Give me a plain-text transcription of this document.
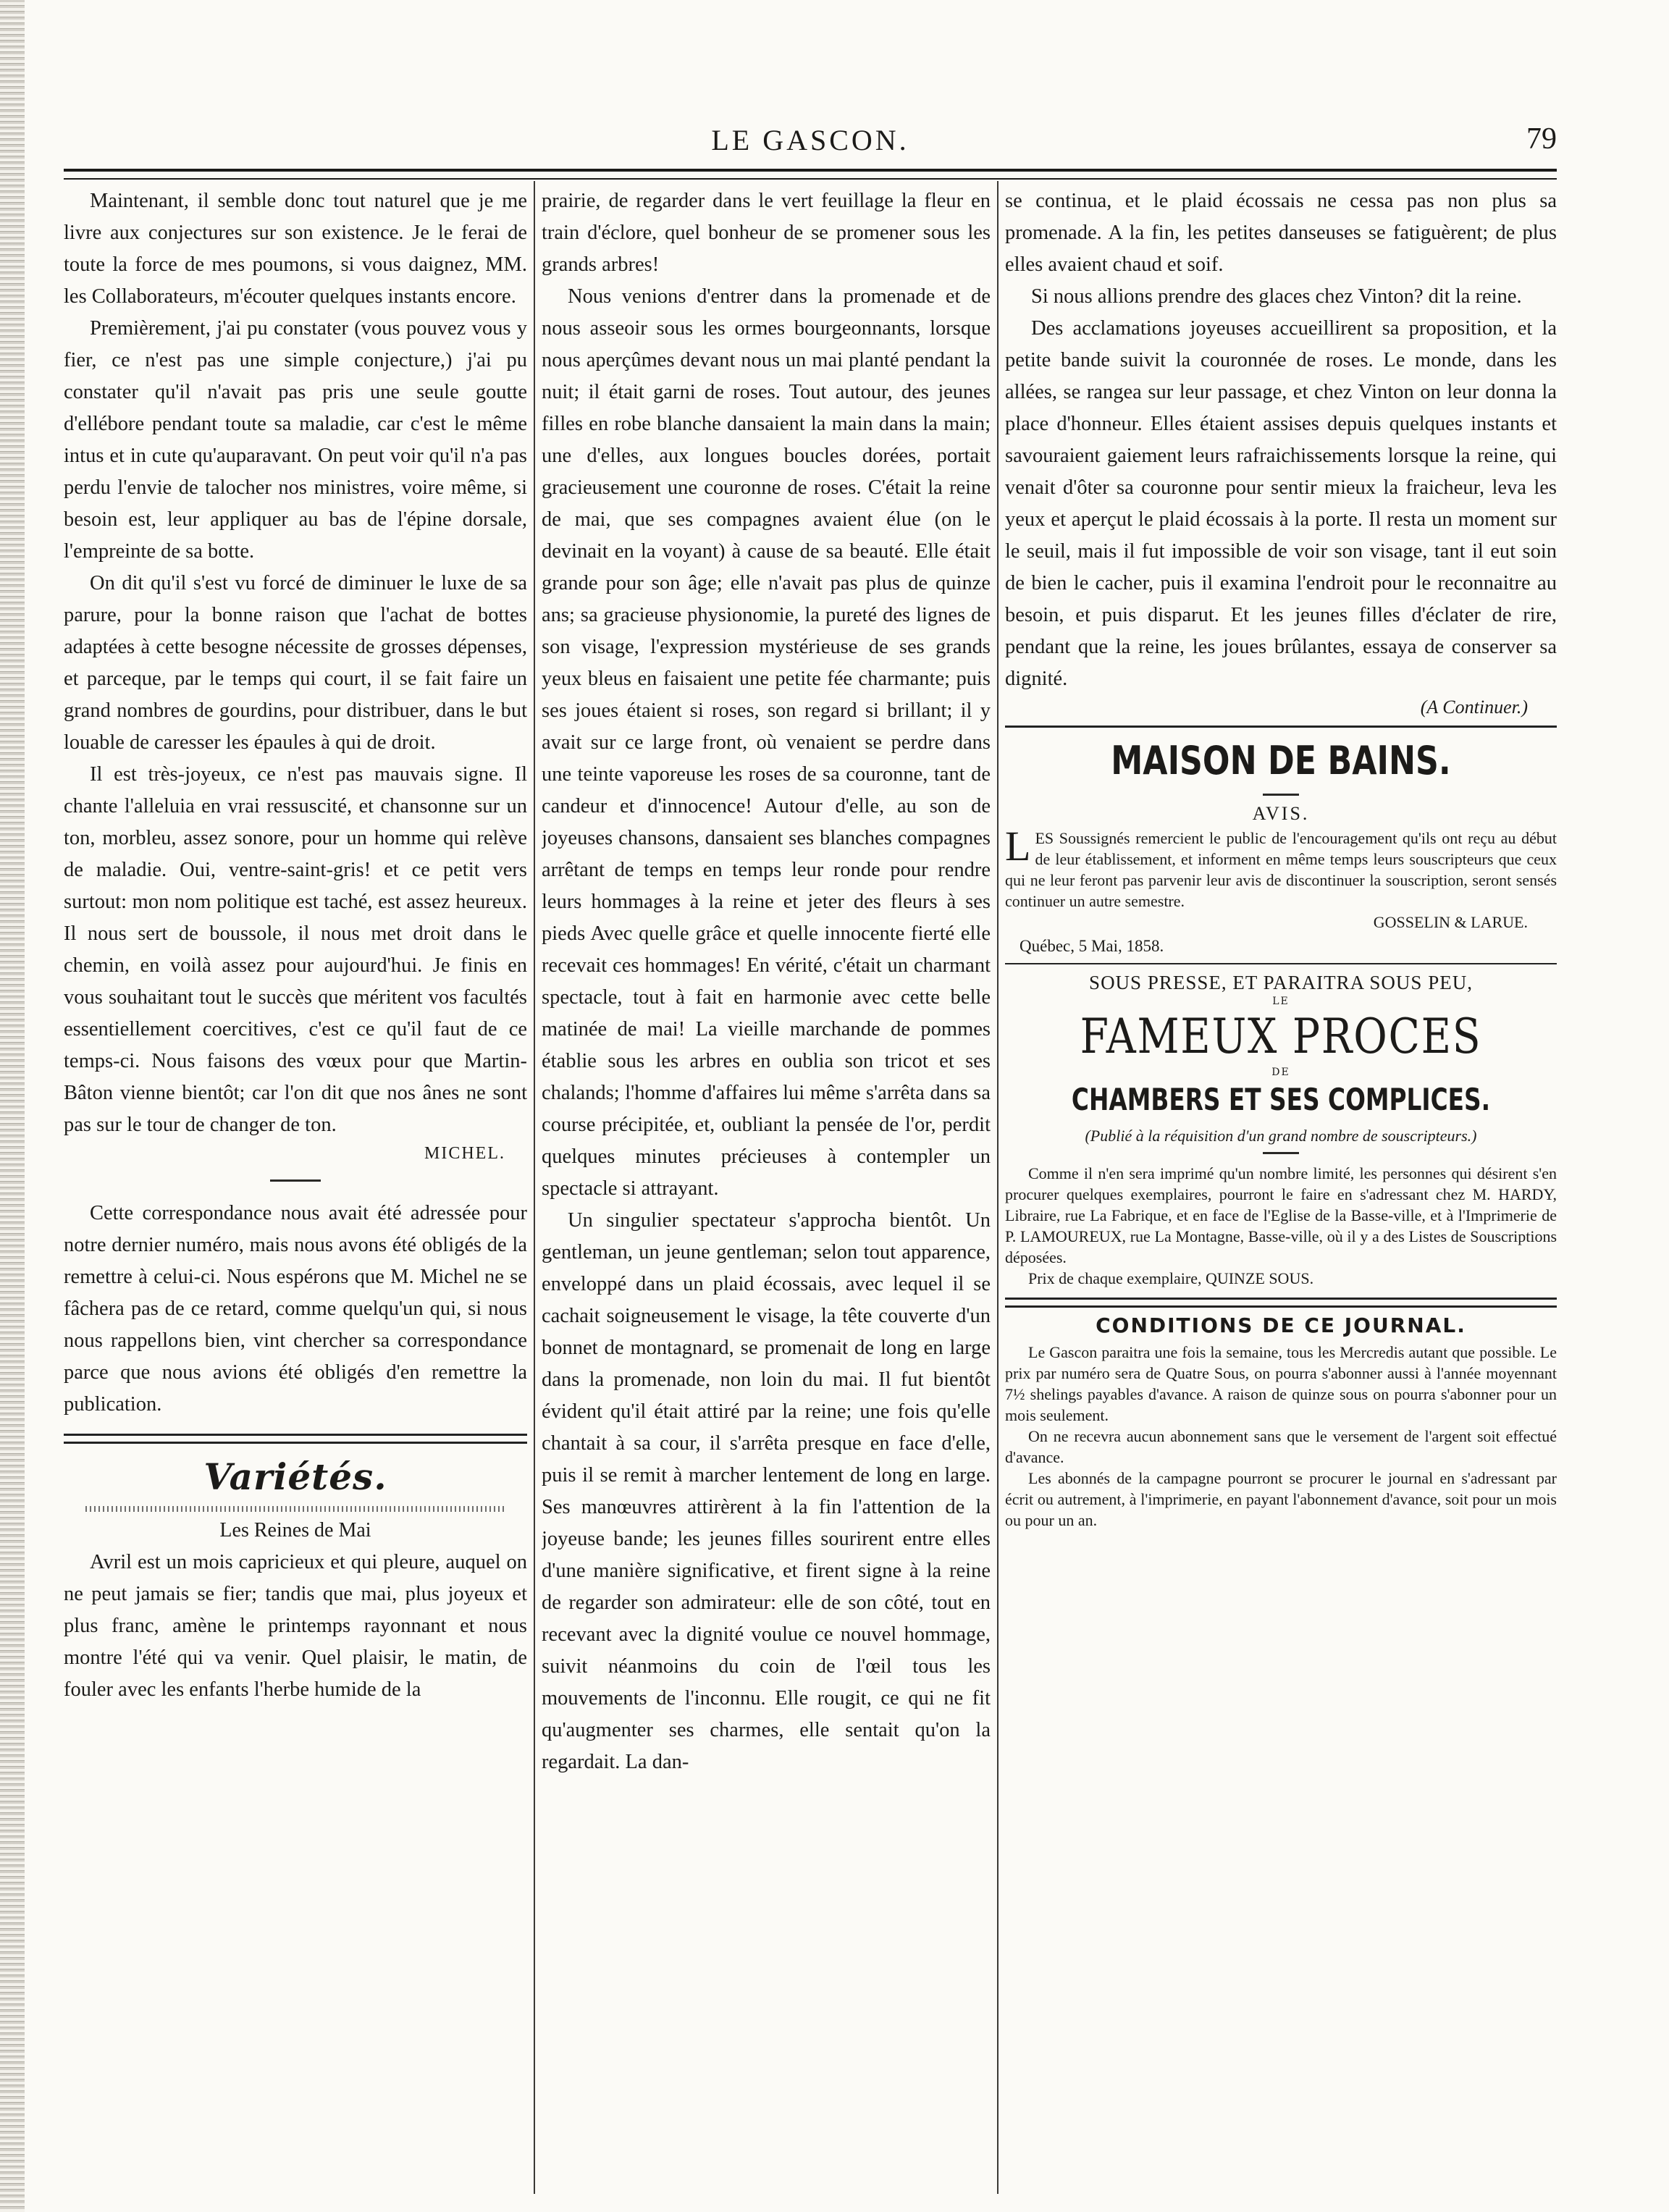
LE GASCON.	79

Maintenant, il semble donc tout naturel que je me livre aux conjectures sur son existence. Je le ferai de toute la force de mes poumons, si vous daignez, MM. les Collaborateurs, m'écouter quelques instants encore.

Premièrement, j'ai pu constater (vous pouvez vous y fier, ce n'est pas une simple conjecture,) j'ai pu constater qu'il n'avait pas pris une seule goutte d'ellébore pendant toute sa maladie, car c'est le même intus et in cute qu'auparavant. On peut voir qu'il n'a pas perdu l'envie de talocher nos ministres, voire même, si besoin est, leur appliquer au bas de l'épine dorsale, l'empreinte de sa botte.

On dit qu'il s'est vu forcé de diminuer le luxe de sa parure, pour la bonne raison que l'achat de bottes adaptées à cette besogne nécessite de grosses dépenses, et parceque, par le temps qui court, il se fait faire un grand nombres de gourdins, pour distribuer, dans le but louable de caresser les épaules à qui de droit.

Il est très-joyeux, ce n'est pas mauvais signe. Il chante l'alleluia en vrai ressuscité, et chansonne sur un ton, morbleu, assez sonore, pour un homme qui relève de maladie. Oui, ventre-saint-gris! et ce petit vers surtout: mon nom politique est taché, est assez heureux. Il nous sert de boussole, il nous met droit dans le chemin, en voilà assez pour aujourd'hui. Je finis en vous souhaitant tout le succès que méritent vos facultés essentiellement coercitives, c'est ce qu'il faut de ce temps-ci. Nous faisons des vœux pour que Martin-Bâton vienne bientôt; car l'on dit que nos ânes ne sont pas sur le tour de changer de ton.

MICHEL.

Cette correspondance nous avait été adressée pour notre dernier numéro, mais nous avons été obligés de la remettre à celui-ci. Nous espérons que M. Michel ne se fâchera pas de ce retard, comme quelqu'un qui, si nous nous rappellons bien, vint chercher sa correspondance parce que nous avions été obligés d'en remettre la publication.

Variétés.
Les Reines de Mai

Avril est un mois capricieux et qui pleure, auquel on ne peut jamais se fier; tandis que mai, plus joyeux et plus franc, amène le printemps rayonnant et nous montre l'été qui va venir. Quel plaisir, le matin, de fouler avec les enfants l'herbe humide de la

prairie, de regarder dans le vert feuillage la fleur en train d'éclore, quel bonheur de se promener sous les grands arbres!

Nous venions d'entrer dans la promenade et de nous asseoir sous les ormes bourgeonnants, lorsque nous aperçûmes devant nous un mai planté pendant la nuit; il était garni de roses. Tout autour, des jeunes filles en robe blanche dansaient la main dans la main; une d'elles, aux longues boucles dorées, portait gracieusement une couronne de roses. C'était la reine de mai, que ses compagnes avaient élue (on le devinait en la voyant) à cause de sa beauté. Elle était grande pour son âge; elle n'avait pas plus de quinze ans; sa gracieuse physionomie, la pureté des lignes de son visage, l'expression mystérieuse de ses grands yeux bleus en faisaient une petite fée charmante; puis ses joues étaient si roses, son regard si brillant; il y avait sur ce large front, où venaient se perdre dans une teinte vaporeuse les roses de sa couronne, tant de candeur et d'innocence! Autour d'elle, au son de joyeuses chansons, dansaient ses blanches compagnes arrêtant de temps en temps leur ronde pour rendre leurs hommages à la reine et jeter des fleurs à ses pieds Avec quelle grâce et quelle innocente fierté elle recevait ces hommages! En vérité, c'était un charmant spectacle, tout à fait en harmonie avec cette belle matinée de mai! La vieille marchande de pommes établie sous les arbres en oublia son tricot et ses chalands; l'homme d'affaires lui même s'arrêta dans sa course précipitée, et, oubliant la pensée de l'or, perdit quelques minutes précieuses à contempler un spectacle si attrayant.

Un singulier spectateur s'approcha bientôt. Un gentleman, un jeune gentleman; selon tout apparence, enveloppé dans un plaid écossais, avec lequel il se cachait soigneusement le visage, la tête couverte d'un bonnet de montagnard, se promenait de long en large dans la promenade, non loin du mai. Il fut bientôt évident qu'il était attiré par la reine; une fois qu'elle chantait à sa cour, il s'arrêta presque en face d'elle, puis il se remit à marcher lentement de long en large. Ses manœuvres attirèrent à la fin l'attention de la joyeuse bande; les jeunes filles sourirent entre elles d'une manière significative, et firent signe à la reine de regarder son admirateur: elle de son côté, tout en recevant avec la dignité voulue ce nouvel hommage, suivit néanmoins du coin de l'œil tous les mouvements de l'inconnu. Elle rougit, ce qui ne fit qu'augmenter ses charmes, elle sentait qu'on la regardait. La dan-

se continua, et le plaid écossais ne cessa pas non plus sa promenade. A la fin, les petites danseuses se fatiguèrent; de plus elles avaient chaud et soif.

Si nous allions prendre des glaces chez Vinton? dit la reine.

Des acclamations joyeuses accueillirent sa proposition, et la petite bande suivit la couronnée de roses. Le monde, dans les allées, se rangea sur leur passage, et chez Vinton on leur donna la place d'honneur. Elles étaient assises depuis quelques instants et savouraient gaiement leurs rafraichissements lorsque la reine, qui venait d'ôter sa couronne pour sentir mieux la fraicheur, leva les yeux et aperçut le plaid écossais à la porte. Il resta un moment sur le seuil, mais il fut impossible de voir son visage, tant il eut soin de bien le cacher, puis il examina l'endroit pour le reconnaitre au besoin, et puis disparut. Et les jeunes filles d'éclater de rire, pendant que la reine, les joues brûlantes, essaya de conserver sa dignité.

(A Continuer.)
MAISON DE BAINS.
AVIS.

LES Soussignés remercient le public de l'encouragement qu'ils ont reçu au début de leur établissement, et informent en même temps leurs souscripteurs que ceux qui ne leur feront pas parvenir leur avis de discontinuer la souscription, seront sensés continuer un autre semestre.

GOSSELIN & LARUE.

Québec, 5 Mai, 1858.
SOUS PRESSE, ET PARAITRA SOUS PEU,
LE
FAMEUX PROCES
DE
CHAMBERS ET SES COMPLICES.
(Publié à la réquisition d'un grand nombre de souscripteurs.)

Comme il n'en sera imprimé qu'un nombre limité, les personnes qui désirent s'en procurer quelques exemplaires, pourront le faire en s'adressant chez M. HARDY, Libraire, rue La Fabrique, et en face de l'Eglise de la Basse-ville, et à l'Imprimerie de P. LAMOUREUX, rue La Montagne, Basse-ville, où il y a des Listes de Souscriptions déposées.

Prix de chaque exemplaire, QUINZE SOUS.

CONDITIONS DE CE JOURNAL.

Le Gascon paraitra une fois la semaine, tous les Mercredis autant que possible. Le prix par numéro sera de Quatre Sous, on pourra s'abonner aussi à l'année moyennant 7½ shelings payables d'avance. A raison de quinze sous on pourra s'abonner pour un mois seulement.

On ne recevra aucun abonnement sans que le versement de l'argent soit effectué d'avance.

Les abonnés de la campagne pourront se procurer le journal en s'adressant par écrit ou autrement, à l'imprimerie, en payant l'abonnement d'avance, soit pour un mois ou pour un an.
